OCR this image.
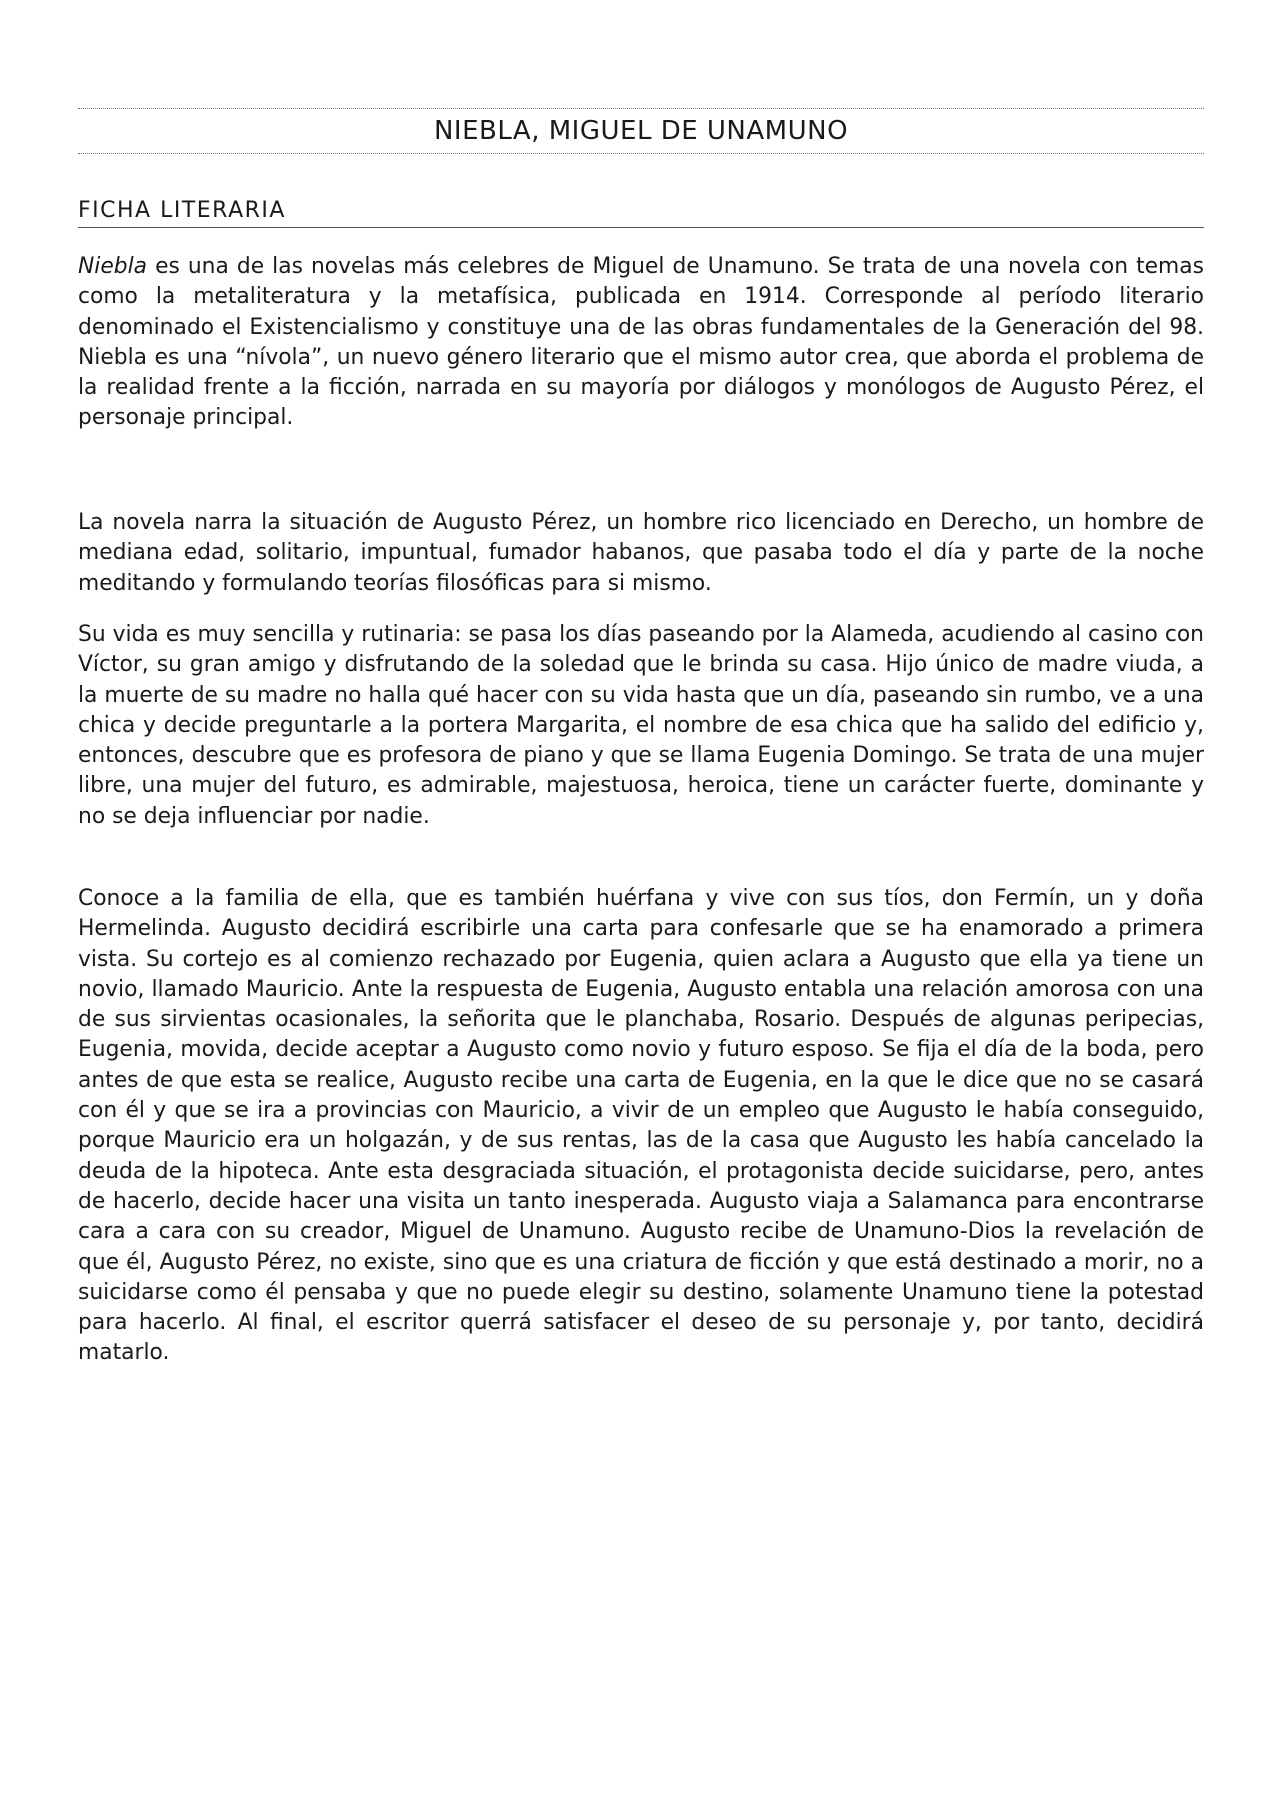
NIEBLA, MIGUEL DE UNAMUNO
FICHA LITERARIA

Niebla es una de las novelas más celebres de Miguel de Unamuno. Se trata de una novela con temas como la metaliteratura y la metafísica, publicada en 1914. Corresponde al período literario denominado el Existencialismo y constituye una de las obras fundamentales de la Generación del 98. Niebla es una “nívola”, un nuevo género literario que el mismo autor crea, que aborda el problema de la realidad frente a la ficción, narrada en su mayoría por diálogos y monólogos de Augusto Pérez, el personaje principal.

La novela narra la situación de Augusto Pérez, un hombre rico licenciado en Derecho, un hombre de mediana edad, solitario, impuntual, fumador habanos, que pasaba todo el día y parte de la noche meditando y formulando teorías filosóficas para si mismo.

Su vida es muy sencilla y rutinaria: se pasa los días paseando por la Alameda, acudiendo al casino con Víctor, su gran amigo y disfrutando de la soledad que le brinda su casa. Hijo único de madre viuda, a la muerte de su madre no halla qué hacer con su vida hasta que un día, paseando sin rumbo, ve a una chica y decide preguntarle a la portera Margarita, el nombre de esa chica que ha salido del edificio y, entonces, descubre que es profesora de piano y que se llama Eugenia Domingo. Se trata de una mujer libre, una mujer del futuro, es admirable, majestuosa, heroica, tiene un carácter fuerte, dominante y no se deja influenciar por nadie.

Conoce a la familia de ella, que es también huérfana y vive con sus tíos, don Fermín, un y doña Hermelinda. Augusto decidirá escribirle una carta para confesarle que se ha enamorado a primera vista. Su cortejo es al comienzo rechazado por Eugenia, quien aclara a Augusto que ella ya tiene un novio, llamado Mauricio. Ante la respuesta de Eugenia, Augusto entabla una relación amorosa con una de sus sirvientas ocasionales, la señorita que le planchaba, Rosario. Después de algunas peripecias, Eugenia, movida, decide aceptar a Augusto como novio y futuro esposo. Se fija el día de la boda, pero antes de que esta se realice, Augusto recibe una carta de Eugenia, en la que le dice que no se casará con él y que se ira a provincias con Mauricio, a vivir de un empleo que Augusto le había conseguido, porque Mauricio era un holgazán, y de sus rentas, las de la casa que Augusto les había cancelado la deuda de la hipoteca. Ante esta desgraciada situación, el protagonista decide suicidarse, pero, antes de hacerlo, decide hacer una visita un tanto inesperada. Augusto viaja a Salamanca para encontrarse cara a cara con su creador, Miguel de Unamuno. Augusto recibe de Unamuno-Dios la revelación de que él, Augusto Pérez, no existe, sino que es una criatura de ficción y que está destinado a morir, no a suicidarse como él pensaba y que no puede elegir su destino, solamente Unamuno tiene la potestad para hacerlo. Al final, el escritor querrá satisfacer el deseo de su personaje y, por tanto, decidirá matarlo.
